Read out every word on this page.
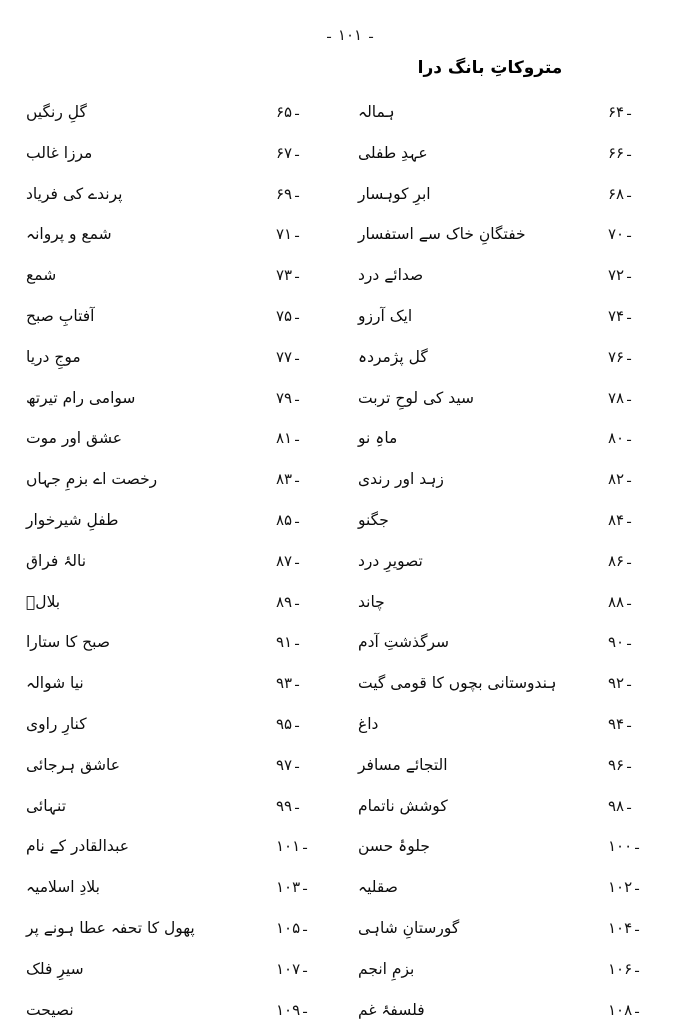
ـ۱۰۱ـ
متروکاتِ بانگ درا
ـ۶۴
ہمالہ
ـ۶۶
عہدِ طفلی
ـ۶۸
ابرِ کوہسار
ـ۷۰
خفتگانِ خاک سے استفسار
ـ۷۲
صدائے درد
ـ۷۴
ایک آرزو
ـ۷۶
گل پژمردہ
ـ۷۸
سید کی لوحِ تربت
ـ۸۰
ماہِ نو
ـ۸۲
زہد اور رندی
ـ۸۴
جگنو
ـ۸۶
تصویرِ درد
ـ۸۸
چاند
ـ۹۰
سرگذشتِ آدم
ـ۹۲
ہندوستانی بچوں کا قومی گیت
ـ۹۴
داغ
ـ۹۶
التجائے مسافر
ـ۹۸
کوشش ناتمام
ـ۱۰۰
جلوۂ حسن
ـ۱۰۲
صقلیہ
ـ۱۰۴
گورستانِ شاہی
ـ۱۰۶
بزمِ انجم
ـ۱۰۸
فلسفۂ غم
ـ۶۵
گلِ رنگیں
ـ۶۷
مرزا غالب
ـ۶۹
پرندے کی فریاد
ـ۷۱
شمع و پروانہ
ـ۷۳
شمع
ـ۷۵
آفتابِ صبح
ـ۷۷
موجِ دریا
ـ۷۹
سوامی رام تیرتھ
ـ۸۱
عشق اور موت
ـ۸۳
رخصت اے بزمِ جہاں
ـ۸۵
طفلِ شیرخوار
ـ۸۷
نالۂ فراق
ـ۸۹
بلالؓ
ـ۹۱
صبح کا ستارا
ـ۹۳
نیا شوالہ
ـ۹۵
کنارِ راوی
ـ۹۷
عاشق ہرجائی
ـ۹۹
تنہائی
ـ۱۰۱
عبدالقادر کے نام
ـ۱۰۳
بلادِ اسلامیہ
ـ۱۰۵
پھول کا تحفہ عطا ہونے پر
ـ۱۰۷
سیرِ فلک
ـ۱۰۹
نصیحت
